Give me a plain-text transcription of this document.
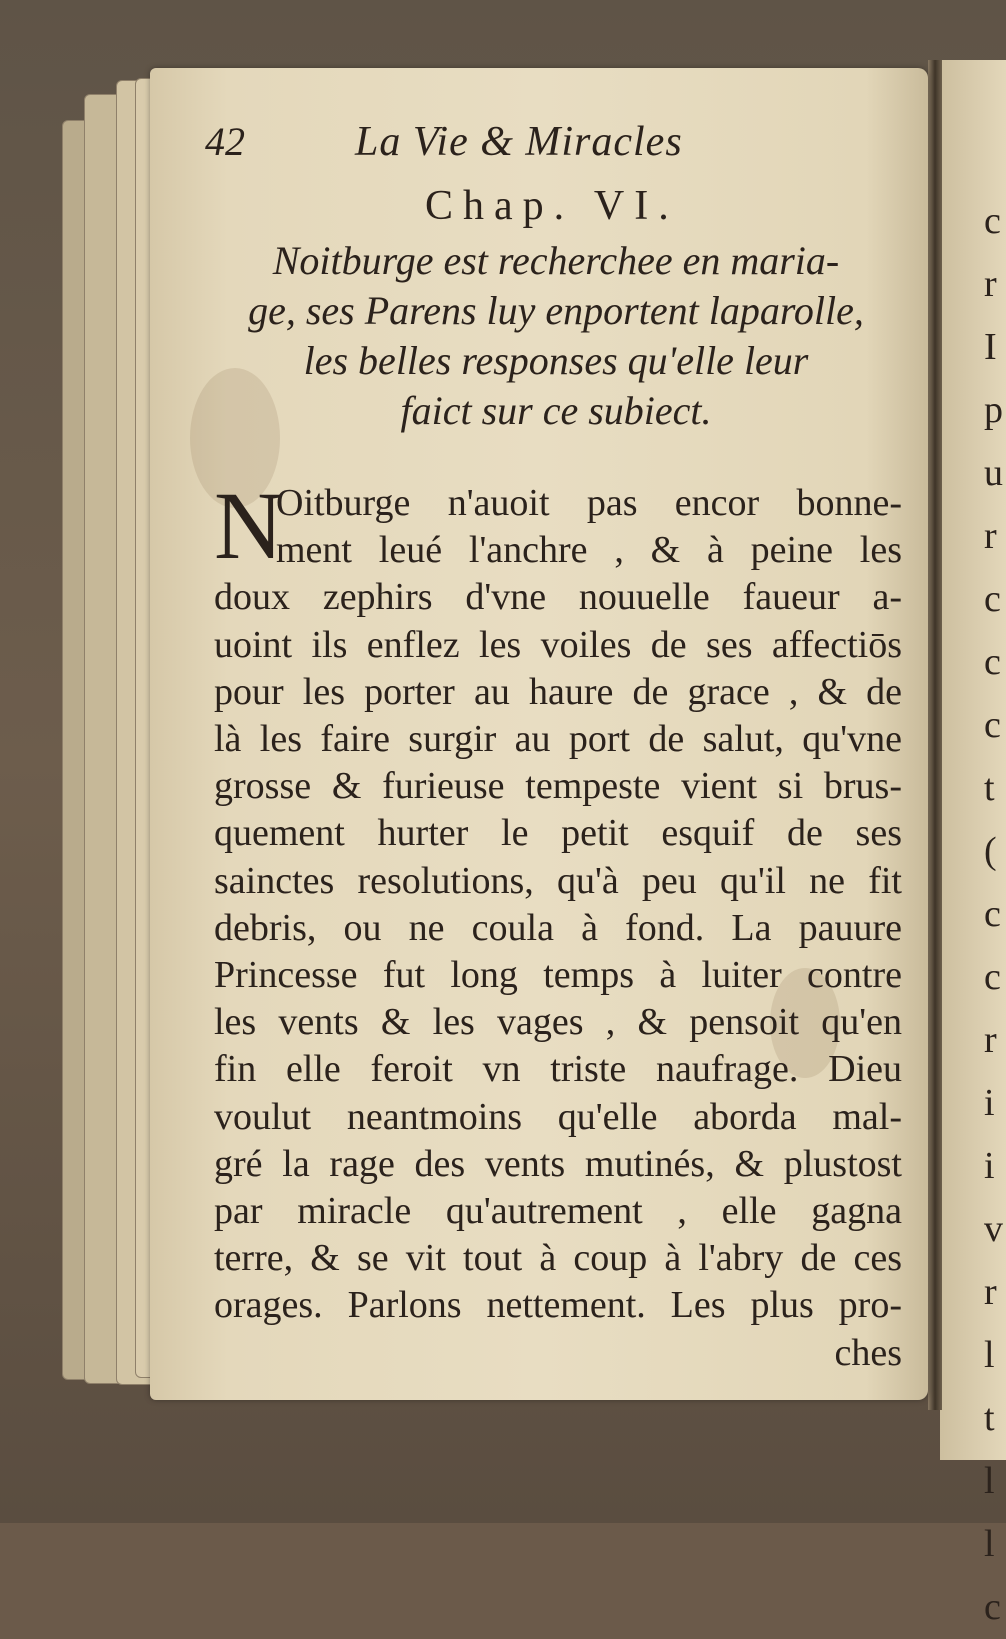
c
r
I
p
u
r
c
c
c
t
(
c
c
r
i
i
v
r
l
t
l
l
c
42	La Vie & Miracles
Chap. VI.
Noitburge est recherchee en maria-
ge, ses Parens luy enportent laparolle,
les belles responses qu'elle leur
faict sur ce subiect.
N
Oitburge n'auoit pas encor bonne-
ment leué l'anchre , & à peine les
doux zephirs d'vne nouuelle faueur a-
uoint ils enflez les voiles de ses affectiōs
pour les porter au haure de grace , & de
là les faire surgir au port de salut, qu'vne
grosse & furieuse tempeste vient si brus-
quement hurter le petit esquif de ses
sainctes resolutions, qu'à peu qu'il ne fit
debris, ou ne coula à fond. La pauure
Princesse fut long temps à luiter contre
les vents & les vages , & pensoit qu'en
fin elle feroit vn triste naufrage. Dieu
voulut neantmoins qu'elle aborda mal-
gré la rage des vents mutinés, & plustost
par miracle qu'autrement , elle gagna
terre, & se vit tout à coup à l'abry de ces
orages. Parlons nettement. Les plus pro-
ches
